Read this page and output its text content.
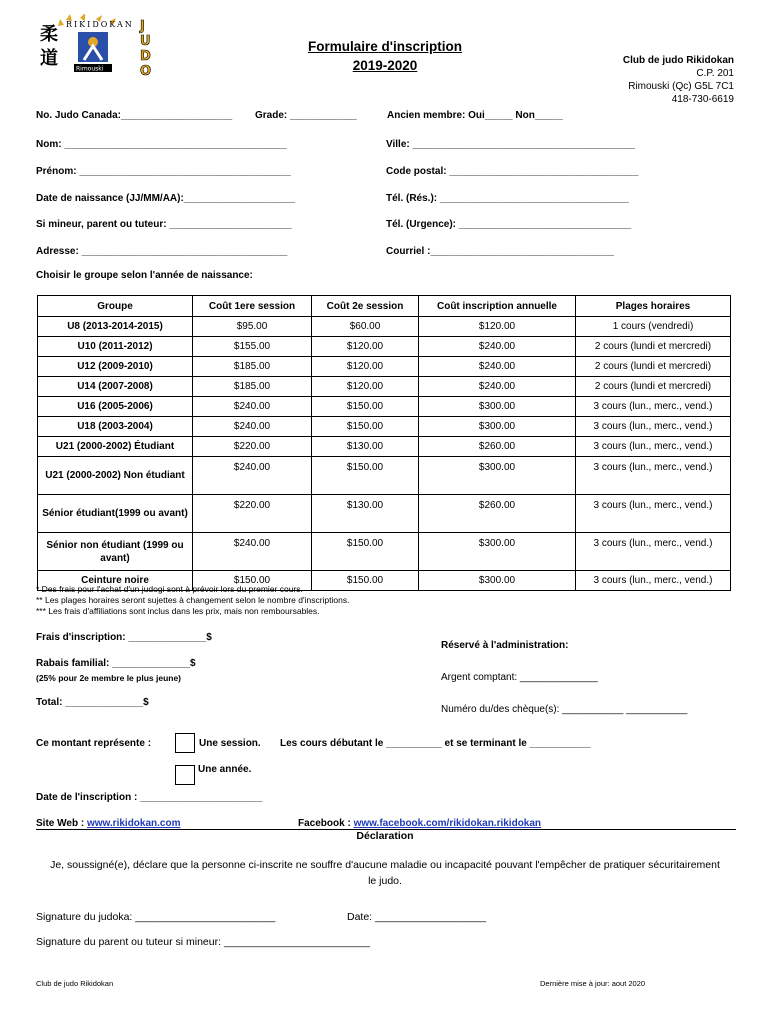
RIKIDOKAN
柔
道	Rimouski
J
U
D
O
Formulaire d'inscription
2019-2020	Club de judo Rikidokan
C.P. 201
Rimouski (Qc) G5L 7C1
418-730-6619
No. Judo Canada:____________________ Grade: ____________	Ancien membre: Oui_____ Non_____
Nom: ________________________________________	Ville: ________________________________________
Prénom: ______________________________________	Code postal: __________________________________
Date de naissance (JJ/MM/AA):____________________	Tél. (Rés.): __________________________________
Si mineur, parent ou tuteur: ______________________	Tél. (Urgence): _______________________________
Adresse: _____________________________________	Courriel :_________________________________
Choisir le groupe selon l'année de naissance:
Groupe	Coût 1ere session	Coût 2e session	Coût inscription annuelle	Plages horaires
U8 (2013-2014-2015)	$95.00	$60.00	$120.00	1 cours (vendredi)
U10 (2011-2012)	$155.00	$120.00	$240.00	2 cours (lundi et mercredi)
U12 (2009-2010)	$185.00	$120.00	$240.00	2 cours (lundi et mercredi)
U14 (2007-2008)	$185.00	$120.00	$240.00	2 cours (lundi et mercredi)
U16 (2005-2006)	$240.00	$150.00	$300.00	3 cours (lun., merc., vend.)
U18 (2003-2004)	$240.00	$150.00	$300.00	3 cours (lun., merc., vend.)
U21 (2000-2002) Étudiant	$220.00	$130.00	$260.00	3 cours (lun., merc., vend.)
U21 (2000-2002) Non étudiant	$240.00	$150.00	$300.00	3 cours (lun., merc., vend.)
Sénior étudiant(1999 ou avant)	$220.00	$130.00	$260.00	3 cours (lun., merc., vend.)
Sénior non étudiant (1999 ou avant)	$240.00	$150.00	$300.00	3 cours (lun., merc., vend.)
Ceinture noire	$150.00	$150.00	$300.00	3 cours (lun., merc., vend.)
* Des frais pour l'achat d'un judogi sont à prévoir lors du premier cours.
** Les plages horaires seront sujettes à changement selon le nombre d'inscriptions.
*** Les frais d'affiliations sont inclus dans les prix, mais non remboursables.
Frais d'inscription: ______________$
Rabais familial: ______________$
(25% pour 2e membre le plus jeune)
Total: ______________$
Réservé à l'administration:
Argent comptant: ______________
Numéro du/des chèque(s): ___________ ___________
Ce montant représente :	Une session. Les cours débutant le __________ et se terminant le ___________
Une année.
Date de l'inscription : ______________________
Site Web : www.rikidokan.com	Facebook : www.facebook.com/rikidokan.rikidokan
Déclaration
Je, soussigné(e), déclare que la personne ci-inscrite ne souffre d'aucune maladie ou incapacité pouvant l'empêcher de pratiquer sécuritairement le judo.
Signature du judoka: ________________________	Date: ___________________
Signature du parent ou tuteur si mineur: _________________________
Club de judo Rikidokan	Dernière mise à jour: aout 2020
